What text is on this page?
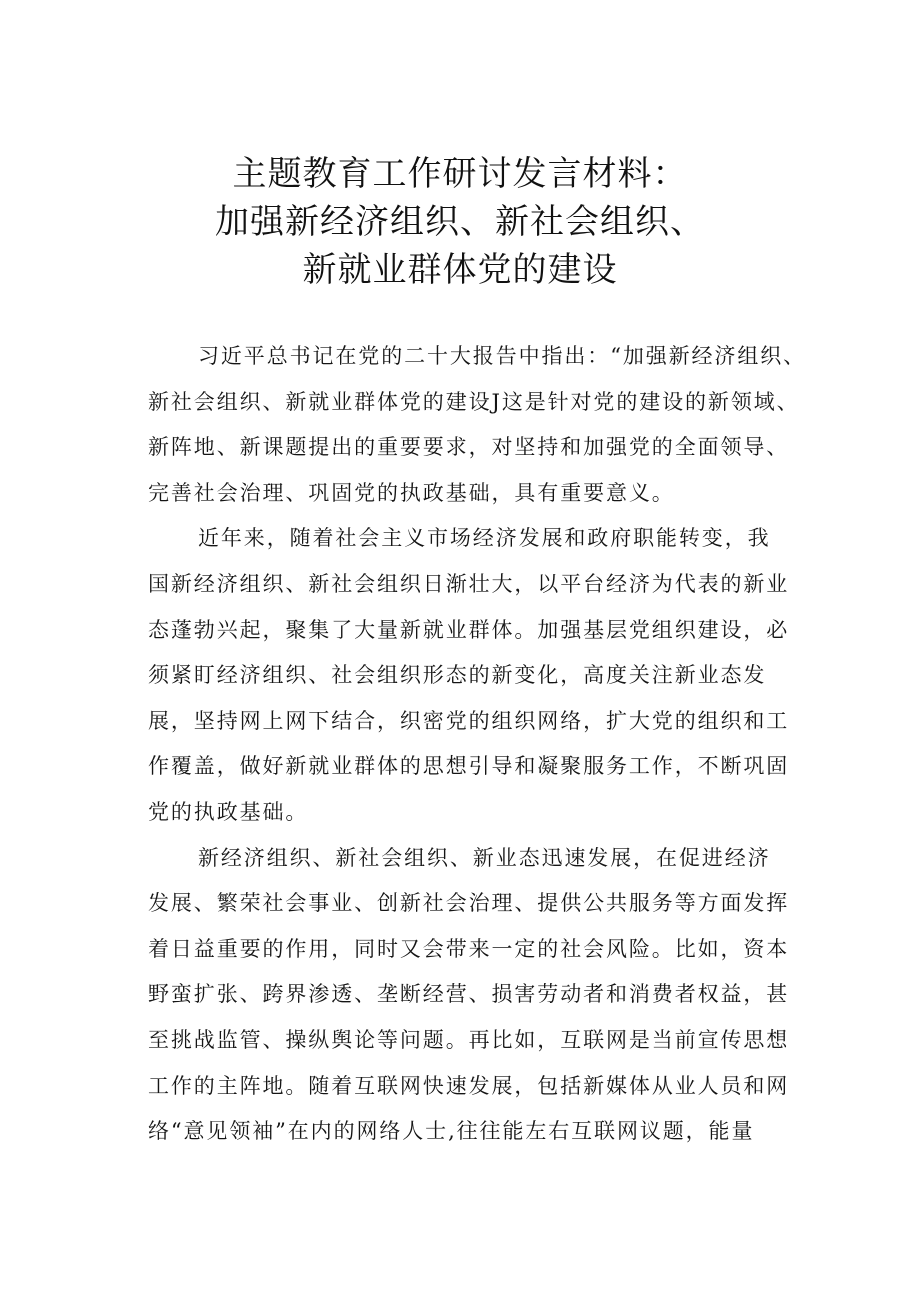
主题教育工作研讨发言材料：
加强新经济组织、新社会组织、
新就业群体党的建设
习近平总书记在党的二十大报告中指出：“加强新经济组织、
新社会组织、新就业群体党的建设J这是针对党的建设的新领域、
新阵地、新课题提出的重要要求，对坚持和加强党的全面领导、
完善社会治理、巩固党的执政基础，具有重要意义。
近年来，随着社会主义市场经济发展和政府职能转变，我
国新经济组织、新社会组织日渐壮大，以平台经济为代表的新业
态蓬勃兴起，聚集了大量新就业群体。加强基层党组织建设，必
须紧盯经济组织、社会组织形态的新变化，高度关注新业态发
展，坚持网上网下结合，织密党的组织网络，扩大党的组织和工
作覆盖，做好新就业群体的思想引导和凝聚服务工作，不断巩固
党的执政基础。
新经济组织、新社会组织、新业态迅速发展，在促进经济
发展、繁荣社会事业、创新社会治理、提供公共服务等方面发挥
着日益重要的作用，同时又会带来一定的社会风险。比如，资本
野蛮扩张、跨界渗透、垄断经营、损害劳动者和消费者权益，甚
至挑战监管、操纵舆论等问题。再比如，互联网是当前宣传思想
工作的主阵地。随着互联网快速发展，包括新媒体从业人员和网
络“意见领袖”在内的网络人士,往往能左右互联网议题，能量
